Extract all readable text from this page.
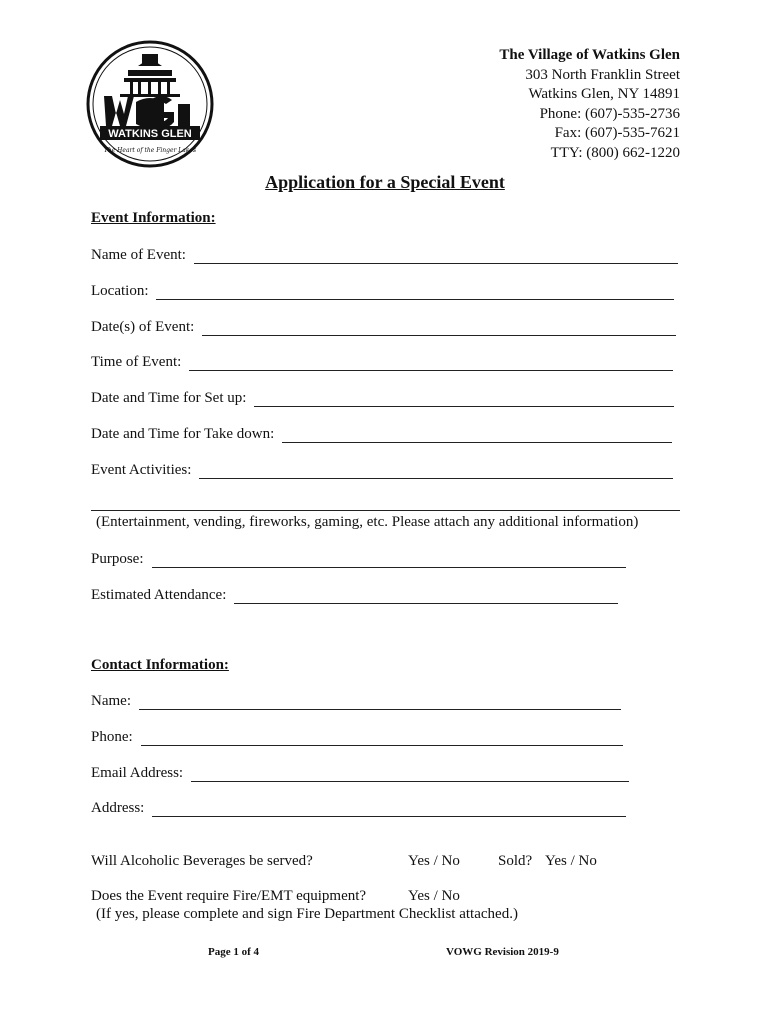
WATKINS GLEN
The Heart of the Finger Lakes
1842
The Village of Watkins Glen
303 North Franklin Street
Watkins Glen, NY 14891
Phone: (607)-535-2736
Fax: (607)-535-7621
TTY: (800) 662-1220
Application for a Special Event
Event Information:
Name of Event:
Location:
Date(s) of Event:
Time of Event:
Date and Time for Set up:
Date and Time for Take down:
Event Activities:
(Entertainment, vending, fireworks, gaming, etc. Please attach any additional information)
Purpose:
Estimated Attendance:
Contact Information:
Name:
Phone:
Email Address:
Address:
Will Alcoholic Beverages be served?	Yes / No	Sold? Yes / No
Does the Event require Fire/EMT equipment?	Yes / No
(If yes, please complete and sign Fire Department Checklist attached.)
Page 1 of 4	VOWG Revision 2019-9
